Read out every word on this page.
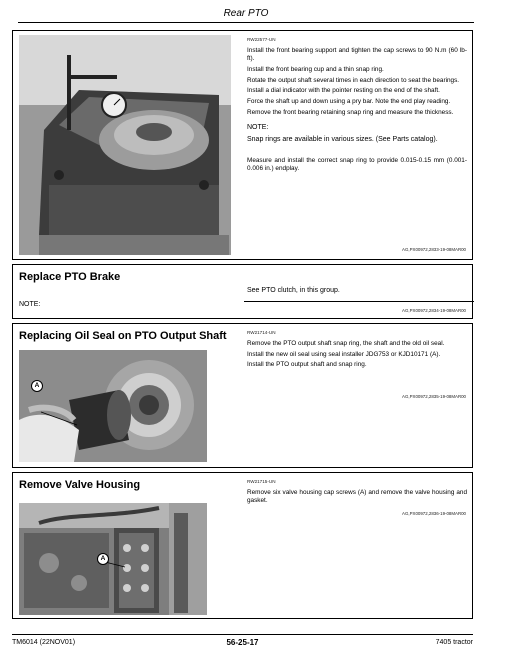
Rear PTO
RW22577-UN

Install the front bearing support and tighten the cap screws to 90 N.m (60 lb-ft).

Install the front bearing cup and a thin snap ring.

Rotate the output shaft several times in each direction to seat the bearings.

Install a dial indicator with the pointer resting on the end of the shaft.

Force the shaft up and down using a pry bar. Note the end play reading.

Remove the front bearing retaining snap ring and measure the thickness.

NOTE:
Snap rings are available in various sizes. (See Parts catalog).

Measure and install the correct snap ring to provide 0.015-0.15 mm (0.001-0.006 in.) endplay.

AG,PX00972,2833-19-08MAR00
Replace PTO Brake
NOTE:
See PTO clutch, in this group.
AG,PX00972,2834-19-08MAR00
Replacing Oil Seal on PTO Output Shaft
A
RW21714-UN

Remove the PTO output shaft snap ring, the shaft and the old oil seal.

Install the new oil seal using seal installer JDG753 or KJD10171 (A).

Install the PTO output shaft and snap ring.

AG,PX00972,2835-19-08MAR00
Remove Valve Housing
A
RW21715-UN

Remove six valve housing cap screws (A) and remove the valve housing and gasket.

AG,PX00972,2836-19-08MAR00
TM6014 (22NOV01)	56-25-17	7405 tractor
